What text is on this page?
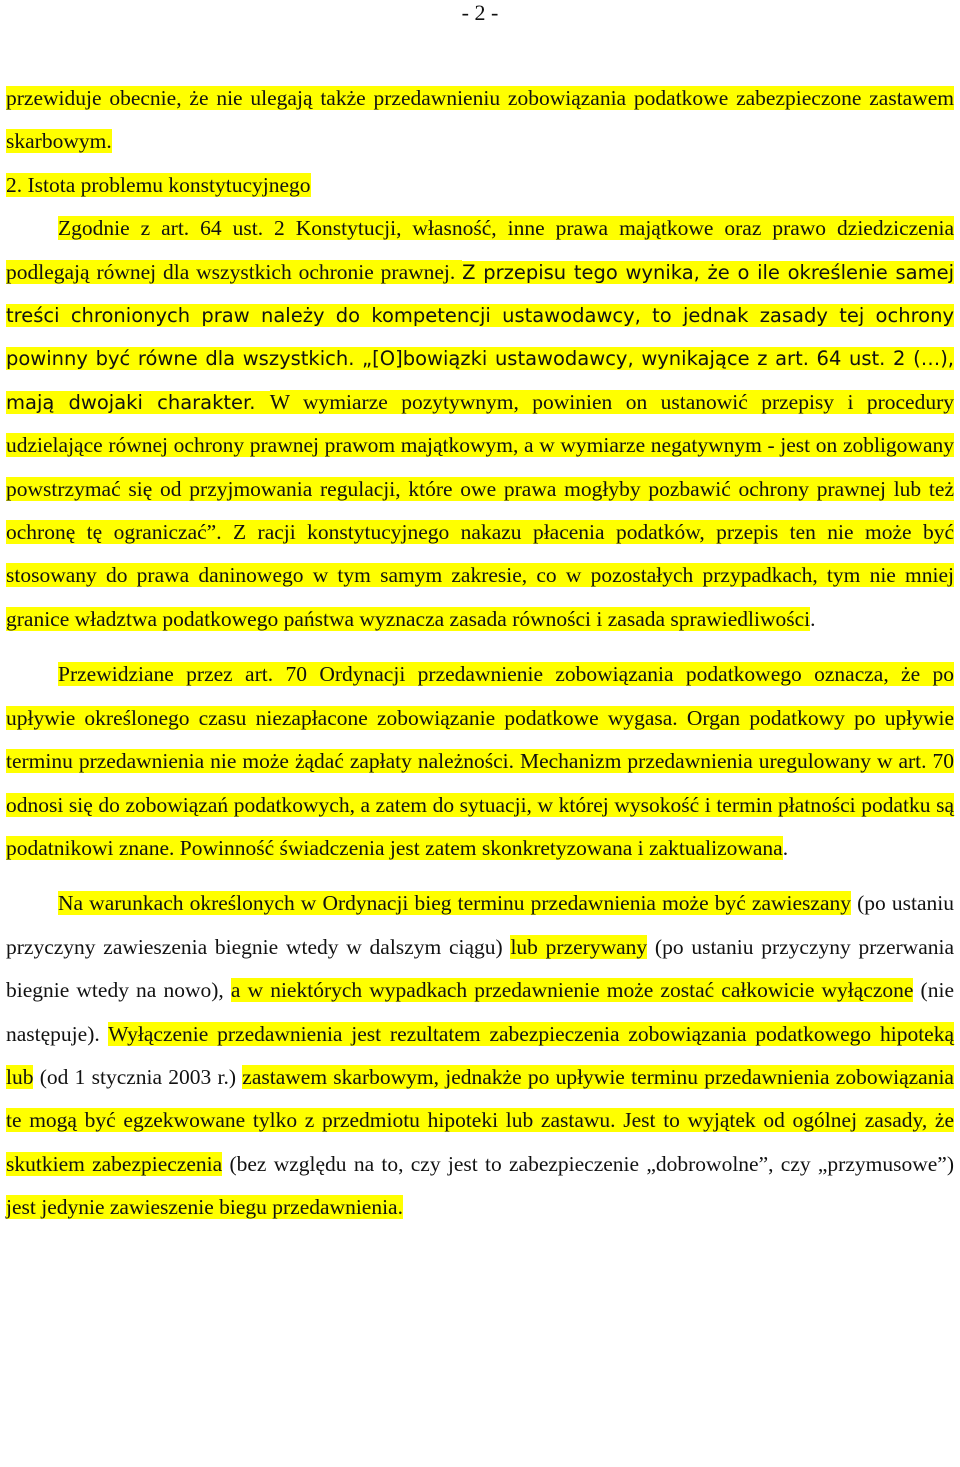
- 2 -

przewiduje obecnie, że nie ulegają także przedawnieniu zobowiązania podatkowe zabezpieczone zastawem skarbowym.

2. Istota problemu konstytucyjnego

Zgodnie z art. 64 ust. 2 Konstytucji, własność, inne prawa majątkowe oraz prawo dziedziczenia podlegają równej dla wszystkich ochronie prawnej. Z przepisu tego wynika, że o ile określenie samej treści chronionych praw należy do kompetencji ustawodawcy, to jednak zasady tej ochrony powinny być równe dla wszystkich. „[O]bowiązki ustawodawcy, wynikające z art. 64 ust. 2 (…), mają dwojaki charakter. W wymiarze pozytywnym, powinien on ustanowić przepisy i procedury udzielające równej ochrony prawnej prawom majątkowym, a w wymiarze negatywnym - jest on zobligowany powstrzymać się od przyjmowania regulacji, które owe prawa mogłyby pozbawić ochrony prawnej lub też ochronę tę ograniczać”. Z racji konstytucyjnego nakazu płacenia podatków, przepis ten nie może być stosowany do prawa daninowego w tym samym zakresie, co w pozostałych przypadkach, tym nie mniej granice władztwa podatkowego państwa wyznacza zasada równości i zasada sprawiedliwości.

Przewidziane przez art. 70 Ordynacji przedawnienie zobowiązania podatkowego oznacza, że po upływie określonego czasu niezapłacone zobowiązanie podatkowe wygasa. Organ podatkowy po upływie terminu przedawnienia nie może żądać zapłaty należności. Mechanizm przedawnienia uregulowany w art. 70 odnosi się do zobowiązań podatkowych, a zatem do sytuacji, w której wysokość i termin płatności podatku są podatnikowi znane. Powinność świadczenia jest zatem skonkretyzowana i zaktualizowana.

Na warunkach określonych w Ordynacji bieg terminu przedawnienia może być zawieszany (po ustaniu przyczyny zawieszenia biegnie wtedy w dalszym ciągu) lub przerywany (po ustaniu przyczyny przerwania biegnie wtedy na nowo), a w niektórych wypadkach przedawnienie może zostać całkowicie wyłączone (nie następuje). Wyłączenie przedawnienia jest rezultatem zabezpieczenia zobowiązania podatkowego hipoteką lub (od 1 stycznia 2003 r.) zastawem skarbowym, jednakże po upływie terminu przedawnienia zobowiązania te mogą być egzekwowane tylko z przedmiotu hipoteki lub zastawu. Jest to wyjątek od ogólnej zasady, że skutkiem zabezpieczenia (bez względu na to, czy jest to zabezpieczenie „dobrowolne”, czy „przymusowe”) jest jedynie zawieszenie biegu przedawnienia.
